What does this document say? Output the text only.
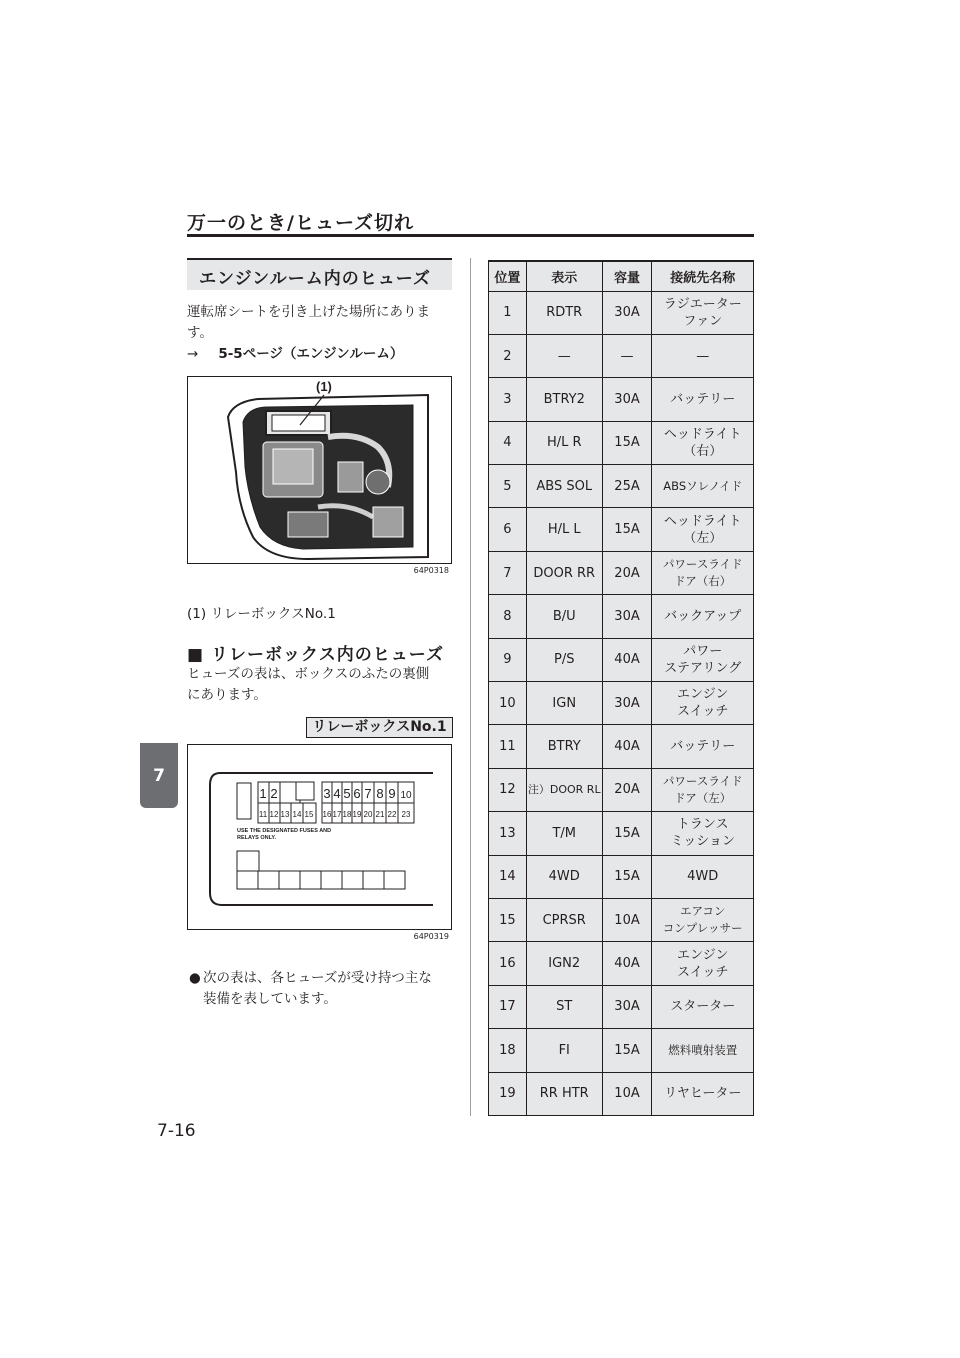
万一のとき/ヒューズ切れ
7
7-16
エンジンルーム内のヒューズ
運転席シートを引き上げた場所にありま
す。
→ 5-5ページ（エンジンルーム）
(1)
64P0318
(1) リレーボックスNo.1
■ リレーボックス内のヒューズ
ヒューズの表は、ボックスのふたの裏側
にあります。
リレーボックスNo.1
1 2	3 4 5 6 7 8 9 10
11 12 13 14 15 16 17 18 19 20 21 22 23
USE THE DESIGNATED FUSES AND
RELAYS ONLY.
64P0319
● 次の表は、各ヒューズが受け持つ主な
装備を表しています。
位置	表示	容量	接続先名称
1	RDTR	30A	ラジエーター
ファン
2	—	—	—
3	BTRY2	30A	バッテリー
4	H/L R	15A	ヘッドライト
（右）
5	ABS SOL	25A	ABSソレノイド
6	H/L L	15A	ヘッドライト
（左）
7	DOOR RR	20A	パワースライド
ドア（右）
8	B/U	30A	バックアップ
9	P/S	40A	パワー
ステアリング
10	IGN	30A	エンジン
スイッチ
11	BTRY	40A	バッテリー
12	注）DOOR RL	20A	パワースライド
ドア（左）
13	T/M	15A	トランス
ミッション
14	4WD	15A	4WD
15	CPRSR	10A	エアコン
コンプレッサー
16	IGN2	40A	エンジン
スイッチ
17	ST	30A	スターター
18	FI	15A	燃料噴射装置
19	RR HTR	10A	リヤヒーター
